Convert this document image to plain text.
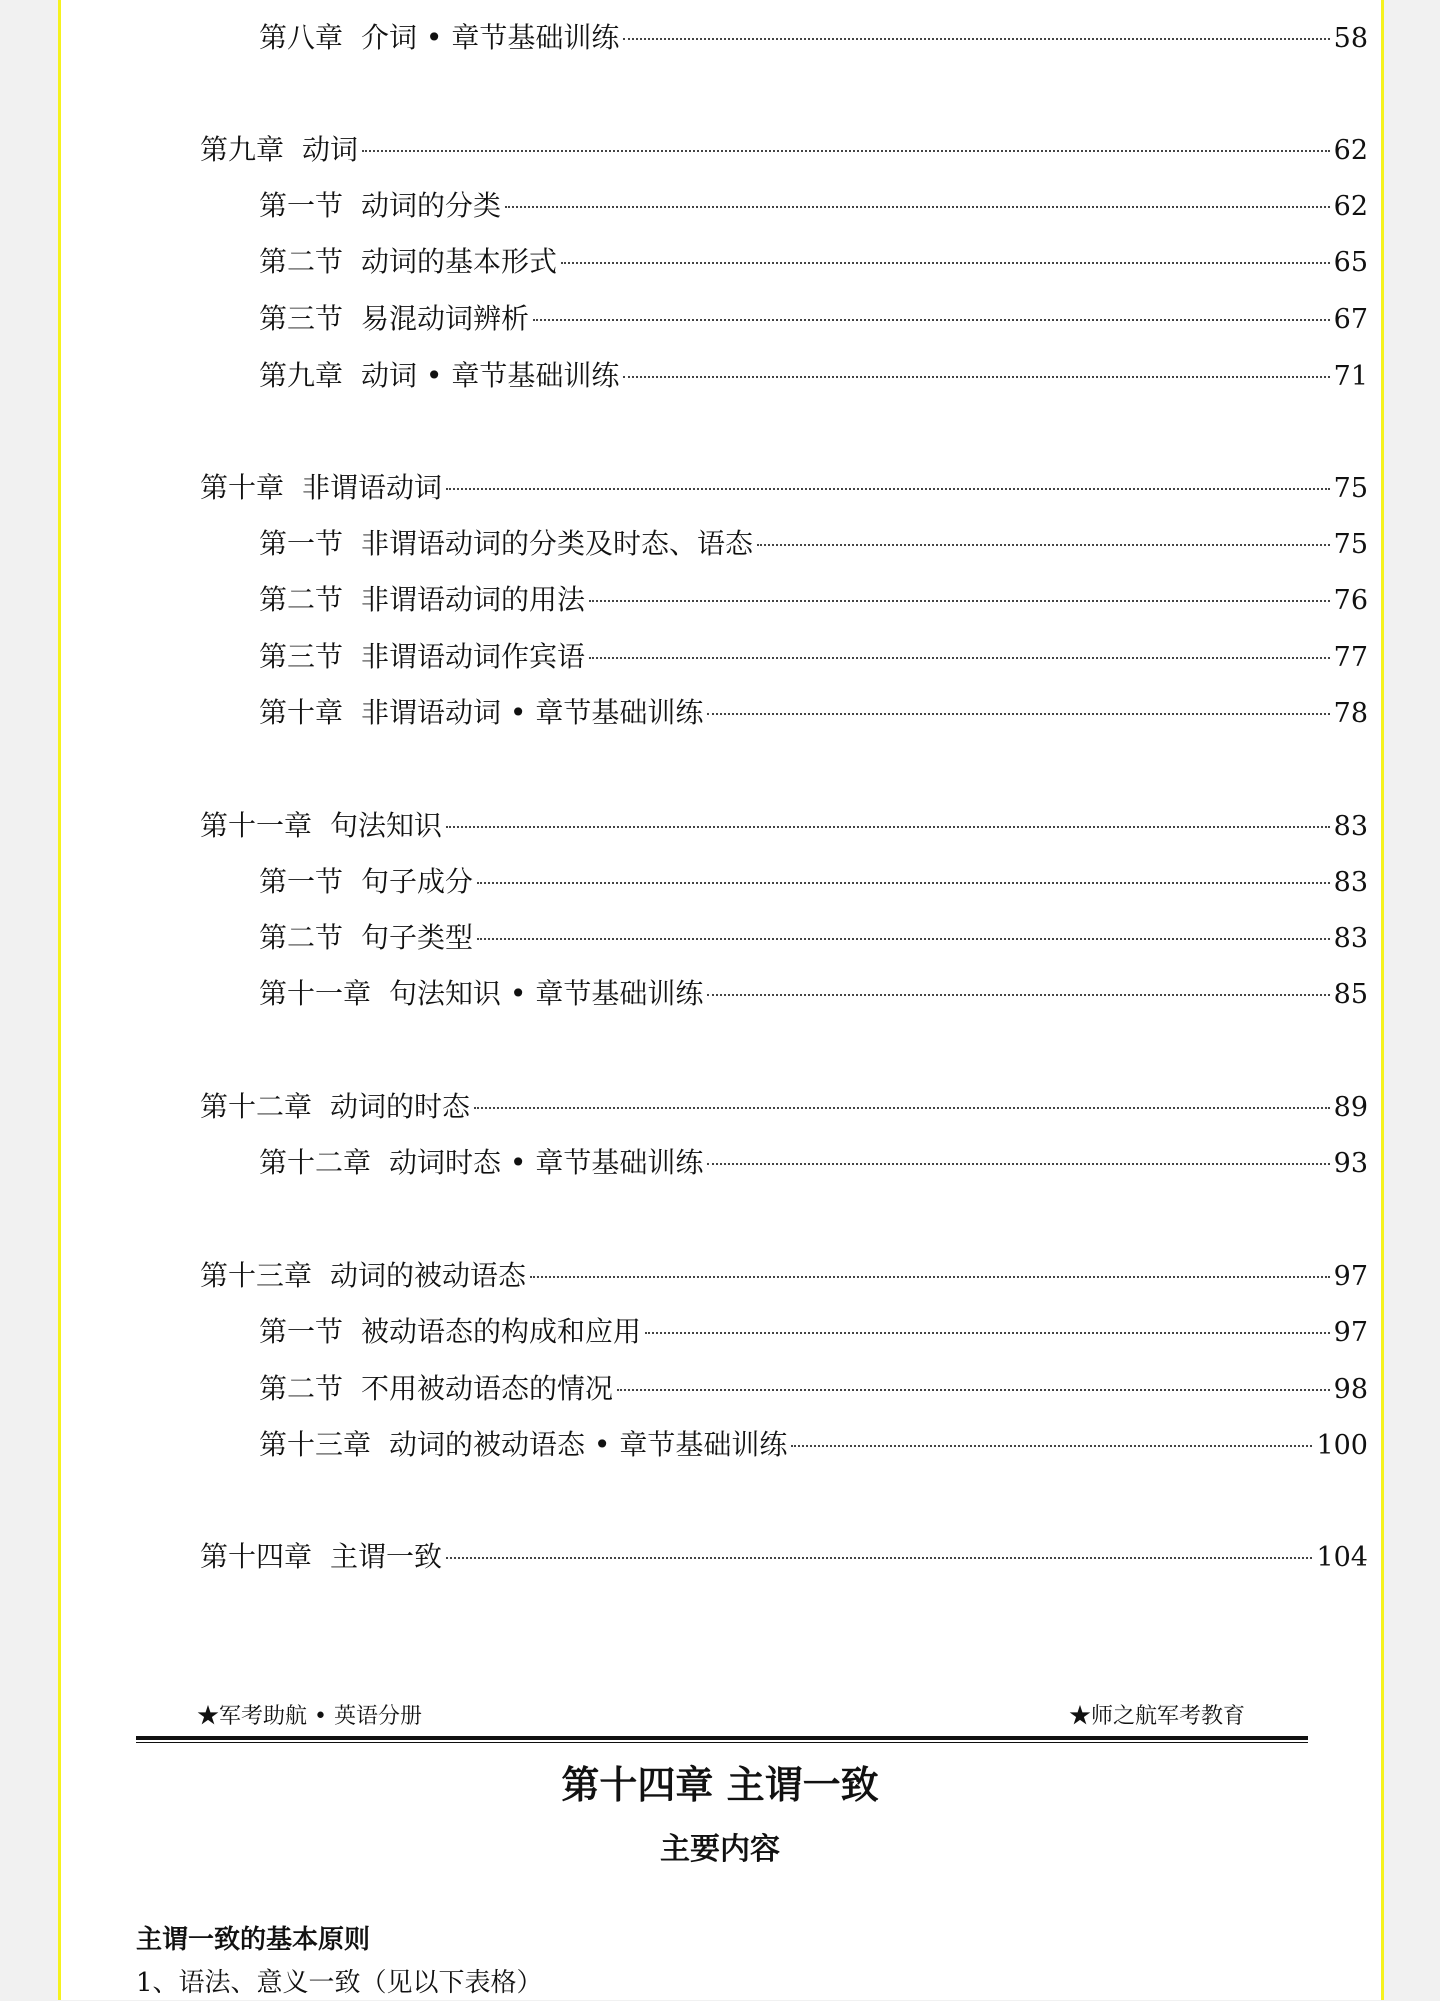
第八章 介词 • 章节基础训练	58
第九章 动词	62
第一节 动词的分类	62
第二节 动词的基本形式	65
第三节 易混动词辨析	67
第九章 动词 • 章节基础训练	71
第十章 非谓语动词	75
第一节 非谓语动词的分类及时态、语态	75
第二节 非谓语动词的用法	76
第三节 非谓语动词作宾语	77
第十章 非谓语动词 • 章节基础训练	78
第十一章 句法知识	83
第一节 句子成分	83
第二节 句子类型	83
第十一章 句法知识 • 章节基础训练	85
第十二章 动词的时态	89
第十二章 动词时态 • 章节基础训练	93
第十三章 动词的被动语态	97
第一节 被动语态的构成和应用	97
第二节 不用被动语态的情况	98
第十三章 动词的被动语态 • 章节基础训练	100
第十四章 主谓一致	104
★军考助航 • 英语分册	★师之航军考教育
第十四章 主谓一致
主要内容
主谓一致的基本原则
1、语法、意义一致（见以下表格）
